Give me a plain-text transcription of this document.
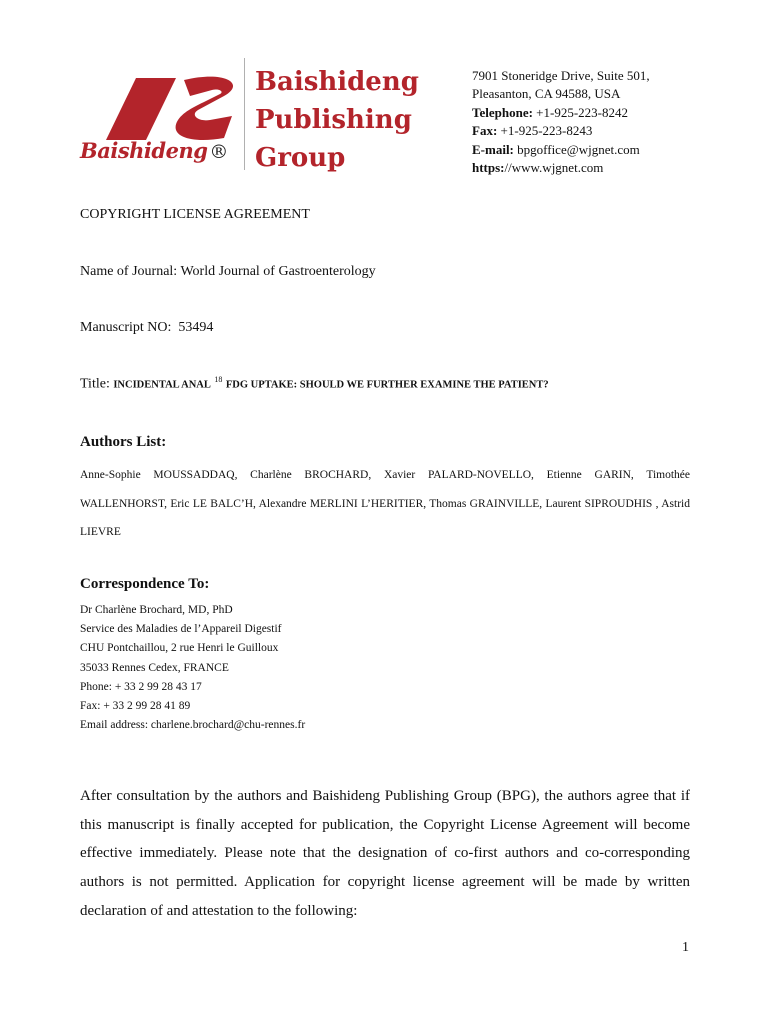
Baishideng ®
Baishideng
Publishing
Group
7901 Stoneridge Drive, Suite 501,
Pleasanton, CA 94588, USA
Telephone: +1-925-223-8242
Fax: +1-925-223-8243
E-mail: bpgoffice@wjgnet.com
https://www.wjgnet.com
COPYRIGHT LICENSE AGREEMENT
Name of Journal: World Journal of Gastroenterology
Manuscript NO: 53494
Title: INCIDENTAL ANAL $^{18}$ FDG UPTAKE: SHOULD WE FURTHER EXAMINE THE PATIENT?
Authors List:
Anne-Sophie MOUSSADDAQ, Charlène BROCHARD, Xavier PALARD-NOVELLO, Etienne GARIN, Timothée WALLENHORST, Eric LE BALC’H, Alexandre MERLINI L’HERITIER, Thomas GRAINVILLE, Laurent SIPROUDHIS , Astrid LIEVRE
Correspondence To:
Dr Charlène Brochard, MD, PhD
Service des Maladies de l’Appareil Digestif
CHU Pontchaillou, 2 rue Henri le Guilloux
35033 Rennes Cedex, FRANCE
Phone: + 33 2 99 28 43 17
Fax: + 33 2 99 28 41 89
Email address: charlene.brochard@chu-rennes.fr
After consultation by the authors and Baishideng Publishing Group (BPG), the authors agree that if this manuscript is finally accepted for publication, the Copyright License Agreement will become effective immediately. Please note that the designation of co-first authors and co-corresponding authors is not permitted. Application for copyright license agreement will be made by written declaration of and attestation to the following:
1
